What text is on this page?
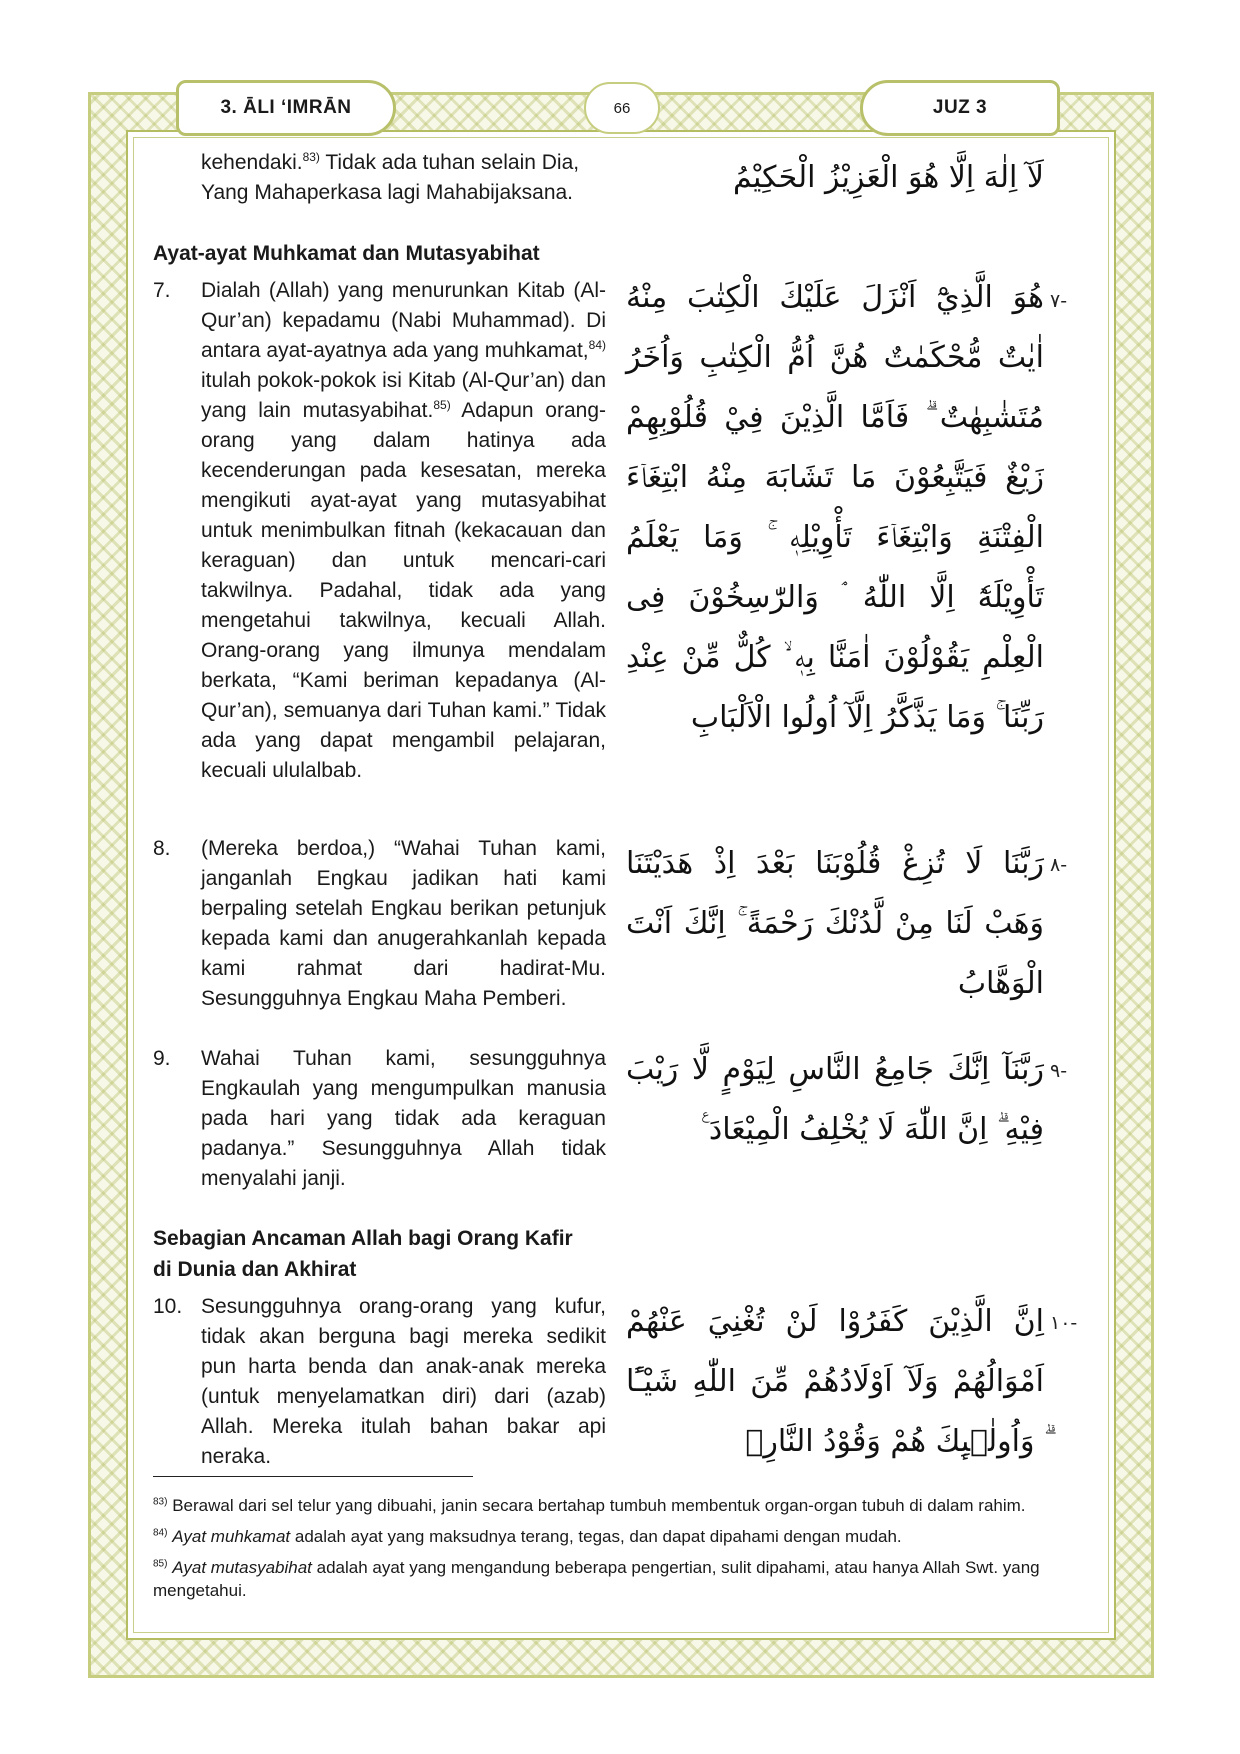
3. ĀLI ‘IMRĀN	66	JUZ 3
kehendaki.$^{83)}$ Tidak ada tuhan selain Dia, Yang Mahaperkasa lagi Mahabijaksana.	لَآ اِلٰهَ اِلَّا هُوَ الْعَزِيْزُ الْحَكِيْمُ
Ayat-ayat Muhkamat dan Mutasyabihat
7.	Dialah (Allah) yang menurunkan Kitab (Al-Qur’an) kepadamu (Nabi Muhammad). Di antara ayat-ayatnya ada yang muhkamat,$^{84)}$ itulah pokok-pokok isi Kitab (Al-Qur’an) dan yang lain mutasyabihat.$^{85)}$ Adapun orang-orang yang dalam hatinya ada kecenderungan pada kesesatan, mereka mengikuti ayat-ayat yang mutasyabihat untuk menimbulkan fitnah (kekacauan dan keraguan) dan untuk mencari-cari takwilnya. Padahal, tidak ada yang mengetahui takwilnya, kecuali Allah. Orang-orang yang ilmunya mendalam berkata, “Kami beriman kepadanya (Al-Qur’an), semuanya dari Tuhan kami.” Tidak ada yang dapat mengambil pelajaran, kecuali ululalbab.
٧-
هُوَ الَّذِيْٓ اَنْزَلَ عَلَيْكَ الْكِتٰبَ مِنْهُ اٰيٰتٌ مُّحْكَمٰتٌ هُنَّ اُمُّ الْكِتٰبِ وَاُخَرُ مُتَشٰبِهٰتٌ ۗ فَاَمَّا الَّذِيْنَ فِيْ قُلُوْبِهِمْ زَيْغٌ فَيَتَّبِعُوْنَ مَا تَشَابَهَ مِنْهُ ابْتِغَاۤءَ الْفِتْنَةِ وَابْتِغَاۤءَ تَأْوِيْلِهٖ ۚ وَمَا يَعْلَمُ تَأْوِيْلَهٗٓ اِلَّا اللّٰهُ ۘ وَالرّٰسِخُوْنَ فِى الْعِلْمِ يَقُوْلُوْنَ اٰمَنَّا بِهٖ ۙ كُلٌّ مِّنْ عِنْدِ رَبِّنَا ۚ وَمَا يَذَّكَّرُ اِلَّآ اُولُوا الْاَلْبَابِ
8.	(Mereka berdoa,) “Wahai Tuhan kami, janganlah Engkau jadikan hati kami berpaling setelah Engkau berikan petunjuk kepada kami dan anugerahkanlah kepada kami rahmat dari hadirat-Mu. Sesungguhnya Engkau Maha Pemberi.
٨-
رَبَّنَا لَا تُزِغْ قُلُوْبَنَا بَعْدَ اِذْ هَدَيْتَنَا وَهَبْ لَنَا مِنْ لَّدُنْكَ رَحْمَةً ۚ اِنَّكَ اَنْتَ الْوَهَّابُ
9.	Wahai Tuhan kami, sesungguhnya Engkaulah yang mengumpulkan manusia pada hari yang tidak ada keraguan padanya.” Sesungguhnya Allah tidak menyalahi janji.
٩-
رَبَّنَآ اِنَّكَ جَامِعُ النَّاسِ لِيَوْمٍ لَّا رَيْبَ فِيْهِ ۗ اِنَّ اللّٰهَ لَا يُخْلِفُ الْمِيْعَادَ ࣖ
Sebagian Ancaman Allah bagi Orang Kafir di Dunia dan Akhirat
10. Sesungguhnya orang-orang yang kufur, tidak akan berguna bagi mereka sedikit pun harta benda dan anak-anak mereka (untuk menyelamatkan diri) dari (azab) Allah. Mereka itulah bahan bakar api neraka.
١٠-
اِنَّ الَّذِيْنَ كَفَرُوْا لَنْ تُغْنِيَ عَنْهُمْ اَمْوَالُهُمْ وَلَآ اَوْلَادُهُمْ مِّنَ اللّٰهِ شَيْـًٔا ۗ وَاُولٰۤىِٕكَ هُمْ وَقُوْدُ النَّارِۙ
$^{83)}$ Berawal dari sel telur yang dibuahi, janin secara bertahap tumbuh membentuk organ-organ tubuh di dalam rahim.
$^{84)}$ Ayat muhkamat adalah ayat yang maksudnya terang, tegas, dan dapat dipahami dengan mudah.
$^{85)}$ Ayat mutasyabihat adalah ayat yang mengandung beberapa pengertian, sulit dipahami, atau hanya Allah Swt. yang mengetahui.
